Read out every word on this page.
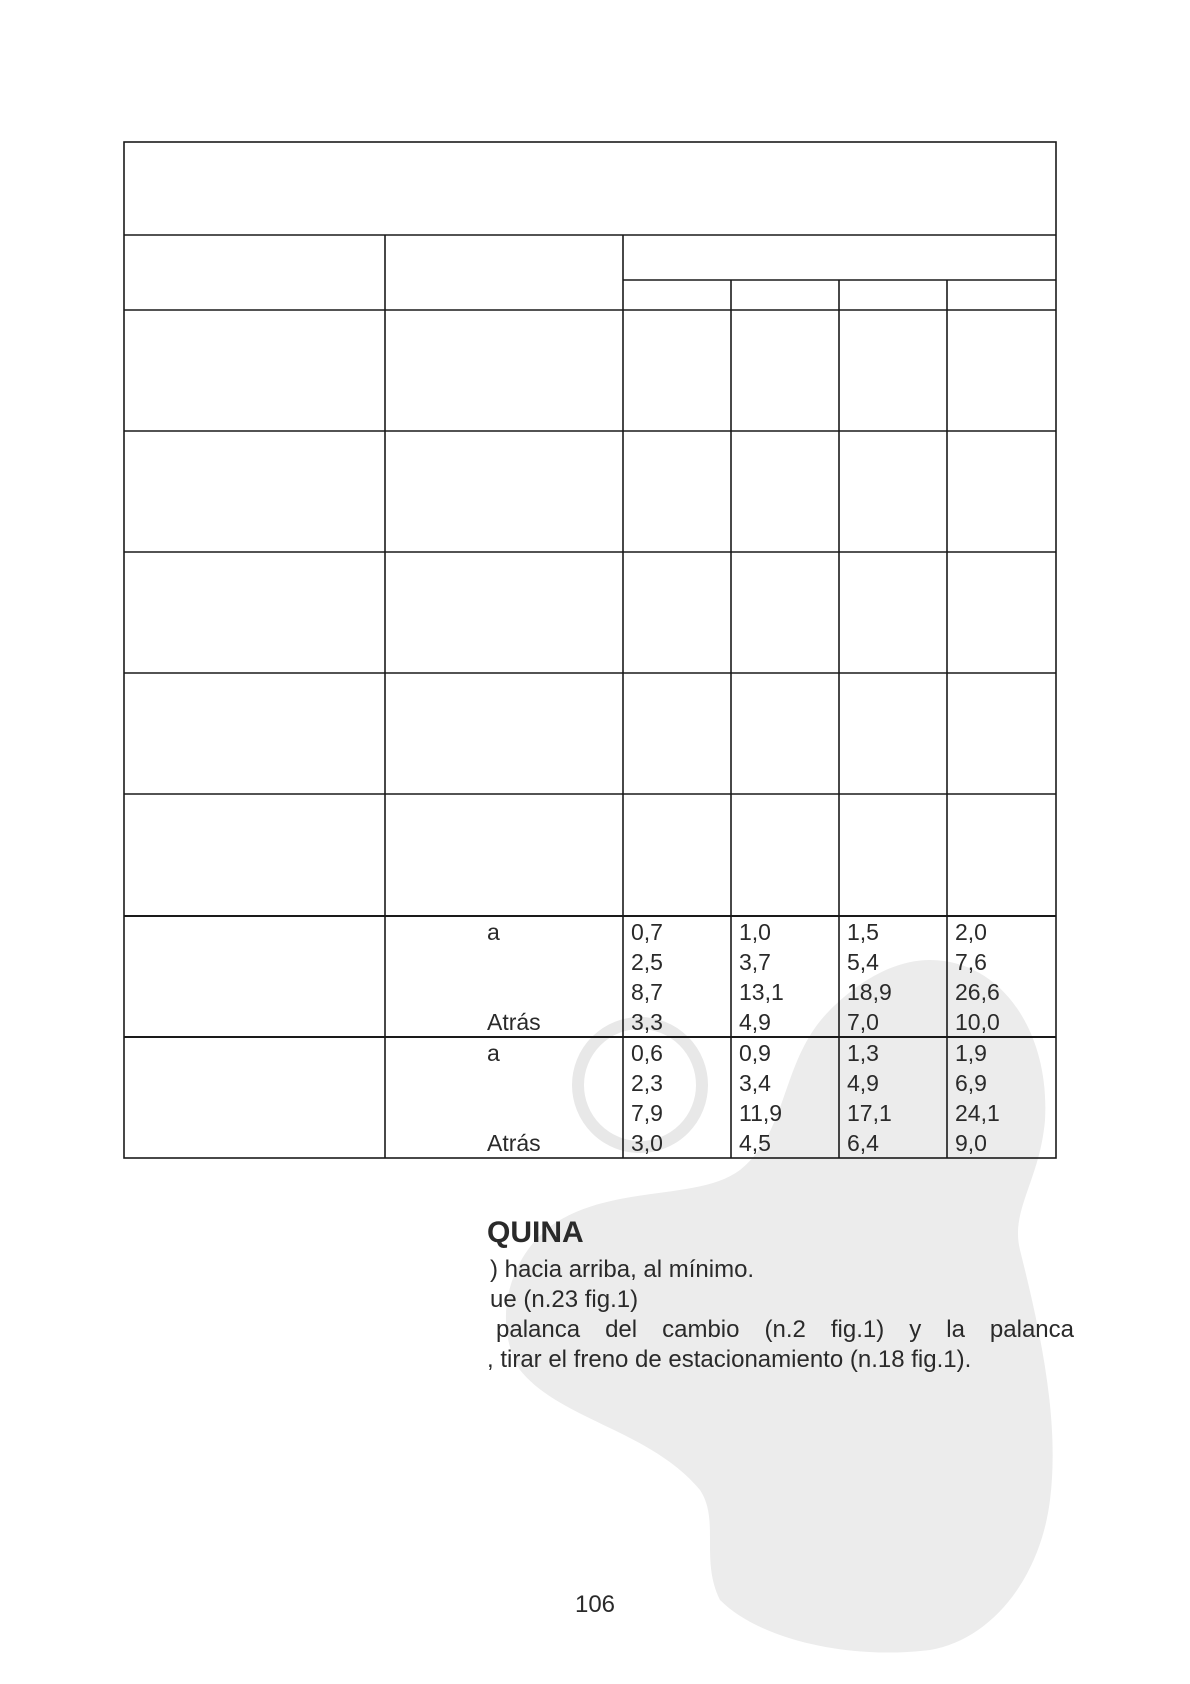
a
Atrás
0,7
2,5
8,7
3,3
1,0
3,7
13,1
4,9
1,5
5,4
18,9
7,0
2,0
7,6
26,6
10,0
a
Atrás
0,6
2,3
7,9
3,0
0,9
3,4
11,9
4,5
1,3
4,9
17,1
6,4
1,9
6,9
24,1
9,0
QUINA
) hacia arriba, al mínimo.
ue (n.23 fig.1)
palanca del cambio (n.2 fig.1) y la palanca
, tirar el freno de estacionamiento (n.18 fig.1).
106
